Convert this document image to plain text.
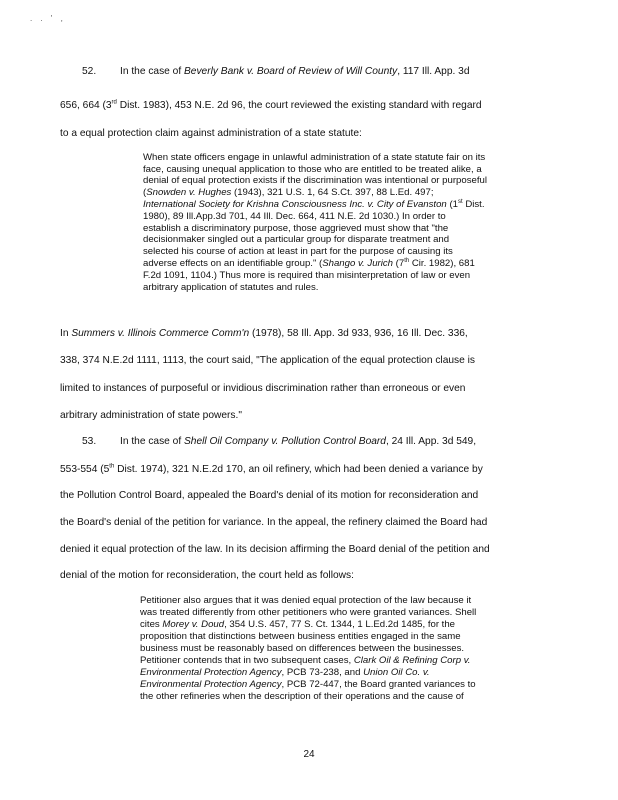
. . ' ,
52. In the case of Beverly Bank v. Board of Review of Will County, 117 Ill. App. 3d
656, 664 (3rd Dist. 1983), 453 N.E. 2d 96, the court reviewed the existing standard with regard
to a equal protection claim against administration of a state statute:
When state officers engage in unlawful administration of a state statute fair on its
face, causing unequal application to those who are entitled to be treated alike, a
denial of equal protection exists if the discrimination was intentional or purposeful
(Snowden v. Hughes (1943), 321 U.S. 1, 64 S.Ct. 397, 88 L.Ed. 497;
International Society for Krishna Consciousness Inc. v. City of Evanston (1st Dist.
1980), 89 Ill.App.3d 701, 44 Ill. Dec. 664, 411 N.E. 2d 1030.) In order to
establish a discriminatory purpose, those aggrieved must show that "the
decisionmaker singled out a particular group for disparate treatment and
selected his course of action at least in part for the purpose of causing its
adverse effects on an identifiable group." (Shango v. Jurich (7th Cir. 1982), 681
F.2d 1091, 1104.) Thus more is required than misinterpretation of law or even
arbitrary application of statutes and rules.
In Summers v. Illinois Commerce Comm'n (1978), 58 Ill. App. 3d 933, 936, 16 Ill. Dec. 336,
338, 374 N.E.2d 1111, 1113, the court said, "The application of the equal protection clause is
limited to instances of purposeful or invidious discrimination rather than erroneous or even
arbitrary administration of state powers."
53. In the case of Shell Oil Company v. Pollution Control Board, 24 Ill. App. 3d 549,
553-554 (5th Dist. 1974), 321 N.E.2d 170, an oil refinery, which had been denied a variance by
the Pollution Control Board, appealed the Board's denial of its motion for reconsideration and
the Board's denial of the petition for variance. In the appeal, the refinery claimed the Board had
denied it equal protection of the law. In its decision affirming the Board denial of the petition and
denial of the motion for reconsideration, the court held as follows:
Petitioner also argues that it was denied equal protection of the law because it
was treated differently from other petitioners who were granted variances. Shell
cites Morey v. Doud, 354 U.S. 457, 77 S. Ct. 1344, 1 L.Ed.2d 1485, for the
proposition that distinctions between business entities engaged in the same
business must be reasonably based on differences between the businesses.
Petitioner contends that in two subsequent cases, Clark Oil & Refining Corp v.
Environmental Protection Agency, PCB 73-238, and Union Oil Co. v.
Environmental Protection Agency, PCB 72-447, the Board granted variances to
the other refineries when the description of their operations and the cause of
24
